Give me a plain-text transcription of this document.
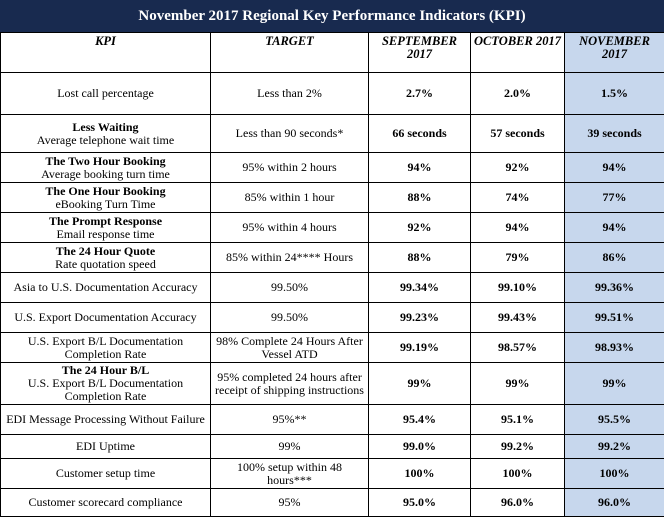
November 2017 Regional Key Performance Indicators (KPI)
KPI	TARGET	SEPTEMBER 2017	OCTOBER 2017	NOVEMBER 2017

Lost call percentage	Less than 2%	2.7%	2.0%	1.5%

Less Waiting
Average telephone wait time	Less than 90 seconds*	66 seconds	57 seconds	39 seconds

The Two Hour Booking
Average booking turn time	95% within 2 hours	94%	92%	94%

The One Hour Booking
eBooking Turn Time	85% within 1 hour	88%	74%	77%

The Prompt Response
Email response time	95% within 4 hours	92%	94%	94%

The 24 Hour Quote
Rate quotation speed	85% within 24**** Hours	88%	79%	86%

Asia to U.S. Documentation Accuracy	99.50%	99.34%	99.10%	99.36%

U.S. Export Documentation Accuracy	99.50%	99.23%	99.43%	99.51%

U.S. Export B/L Documentation Completion Rate	98% Complete 24 Hours After Vessel ATD	99.19%	98.57%	98.93%

The 24 Hour B/L
U.S. Export B/L Documentation Completion Rate	95% completed 24 hours after receipt of shipping instructions	99%	99%	99%

EDI Message Processing Without Failure	95%**	95.4%	95.1%	95.5%

EDI Uptime	99%	99.0%	99.2%	99.2%

Customer setup time	100% setup within 48 hours***	100%	100%	100%

Customer scorecard compliance	95%	95.0%	96.0%	96.0%
